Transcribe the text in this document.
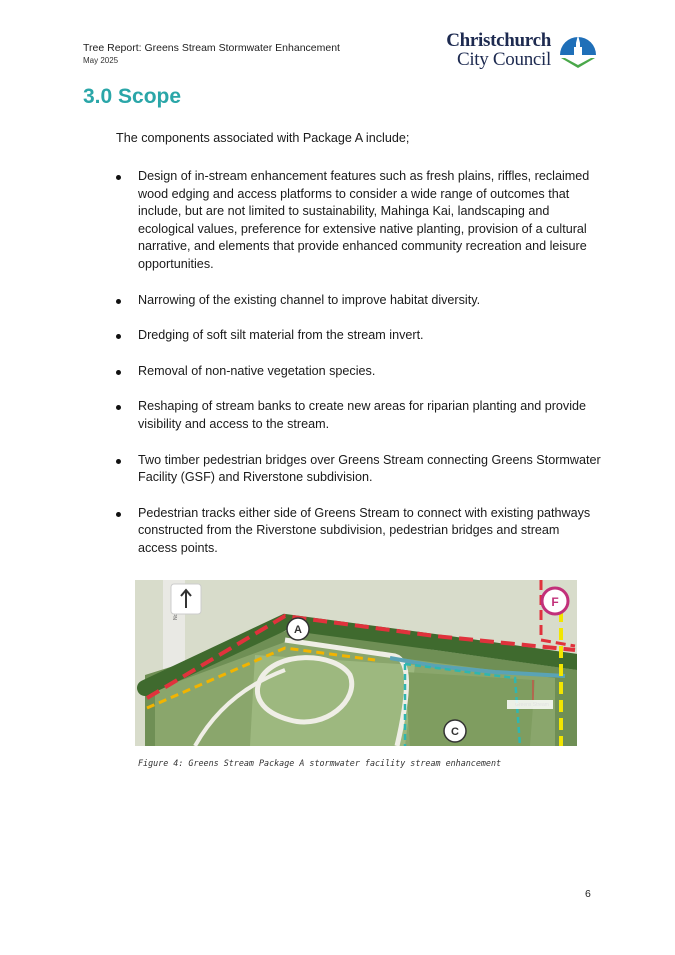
Tree Report: Greens Stream Stormwater Enhancement
May 2025
Christchurch
City Council
3.0 Scope
The components associated with Package A include;
Design of in-stream enhancement features such as fresh plains, riffles, reclaimed wood edging and access platforms to consider a wide range of outcomes that include, but are not limited to sustainability, Mahinga Kai, landscaping and ecological values, preference for extensive native planting, provision of a cultural narrative, and elements that provide enhanced community recreation and leisure opportunities.
Narrowing of the existing channel to improve habitat diversity.
Dredging of soft silt material from the stream invert.
Removal of non-native vegetation species.
Reshaping of stream banks to create new areas for riparian planting and provide visibility and access to the stream.
Two timber pedestrian bridges over Greens Stream connecting Greens Stormwater Facility (GSF) and Riverstone subdivision.
Pedestrian tracks either side of Greens Stream to connect with existing pathways constructed from the Riverstone subdivision, pedestrian bridges and stream access points.
A
C
F
Figure 4: Greens Stream Package A stormwater facility stream enhancement
6
